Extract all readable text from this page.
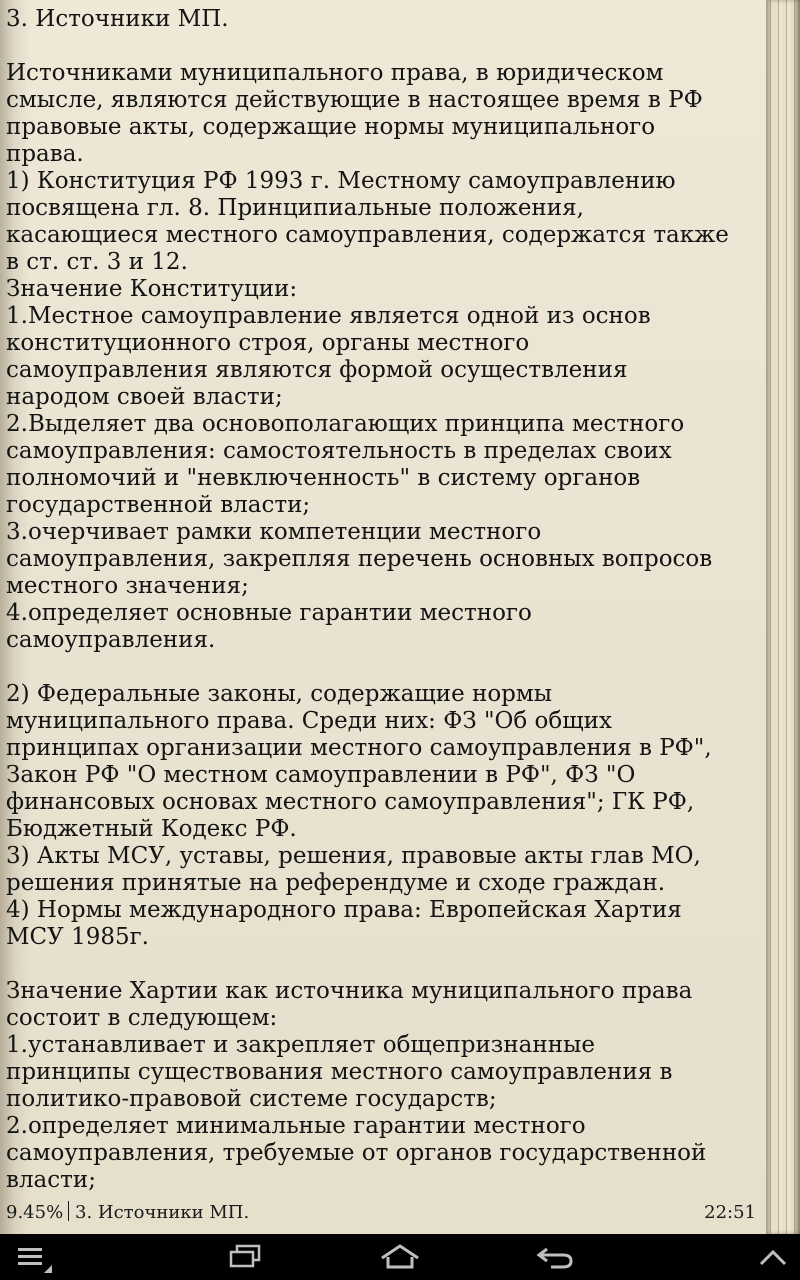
3. Источники МП.
Источниками муниципального права, в юридическом
смысле, являются действующие в настоящее время в РФ
правовые акты, содержащие нормы муниципального
права.
1) Конституция РФ 1993 г. Местному самоуправлению
посвящена гл. 8. Принципиальные положения,
касающиеся местного самоуправления, содержатся также
в ст. ст. 3 и 12.
Значение Конституции:
1.Местное самоуправление является одной из основ
конституционного строя, органы местного
самоуправления являются формой осуществления
народом своей власти;
2.Выделяет два основополагающих принципа местного
самоуправления: самостоятельность в пределах своих
полномочий и "невключенность" в систему органов
государственной власти;
3.очерчивает рамки компетенции местного
самоуправления, закрепляя перечень основных вопросов
местного значения;
4.определяет основные гарантии местного
самоуправления.
2) Федеральные законы, содержащие нормы
муниципального права. Среди них: ФЗ "Об общих
принципах организации местного самоуправления в РФ",
Закон РФ "О местном самоуправлении в РФ", ФЗ "О
финансовых основах местного самоуправления"; ГК РФ,
Бюджетный Кодекс РФ.
3) Акты МСУ, уставы, решения, правовые акты глав МО,
решения принятые на референдуме и сходе граждан.
4) Нормы международного права: Европейская Хартия
МСУ 1985г.
Значение Хартии как источника муниципального права
состоит в следующем:
1.устанавливает и закрепляет общепризнанные
принципы существования местного самоуправления в
политико-правовой системе государств;
2.определяет минимальные гарантии местного
самоуправления, требуемые от органов государственной
власти;
9.45% 3. Источники МП.	22:51
